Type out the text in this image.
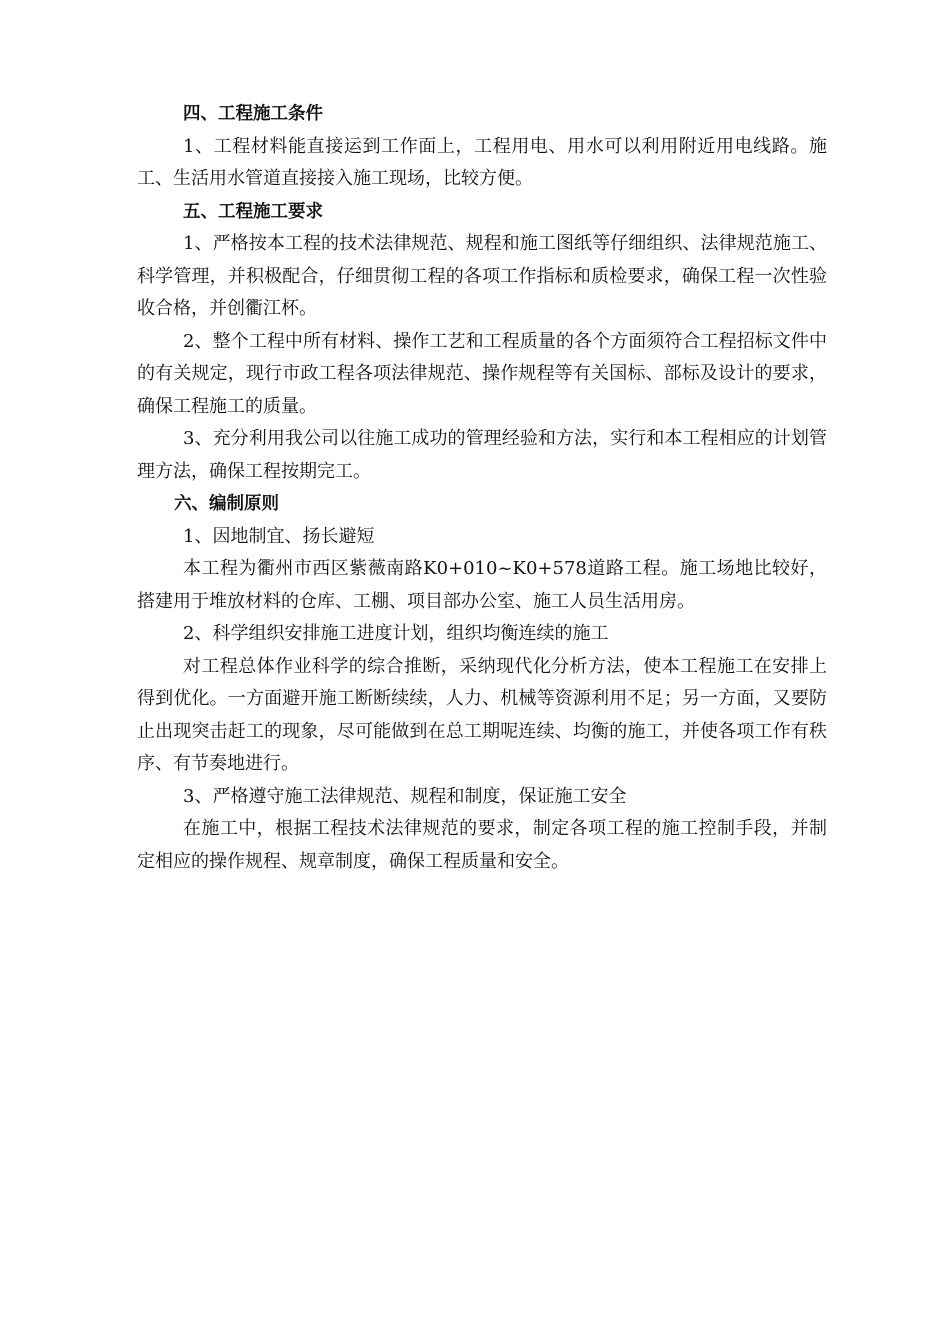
四、工程施工条件

1、工程材料能直接运到工作面上，工程用电、用水可以利用附近用电线路。施工、生活用水管道直接接入施工现场，比较方便。

五、工程施工要求

1、严格按本工程的技术法律规范、规程和施工图纸等仔细组织、法律规范施工、科学管理，并积极配合，仔细贯彻工程的各项工作指标和质检要求，确保工程一次性验收合格，并创衢江杯。

2、整个工程中所有材料、操作工艺和工程质量的各个方面须符合工程招标文件中的有关规定，现行市政工程各项法律规范、操作规程等有关国标、部标及设计的要求，确保工程施工的质量。

3、充分利用我公司以往施工成功的管理经验和方法，实行和本工程相应的计划管理方法，确保工程按期完工。

六、编制原则

1、因地制宜、扬长避短

本工程为衢州市西区紫薇南路K0+010~K0+578道路工程。施工场地比较好，搭建用于堆放材料的仓库、工棚、项目部办公室、施工人员生活用房。

2、科学组织安排施工进度计划，组织均衡连续的施工

对工程总体作业科学的综合推断，采纳现代化分析方法，使本工程施工在安排上得到优化。一方面避开施工断断续续，人力、机械等资源利用不足；另一方面，又要防止出现突击赶工的现象，尽可能做到在总工期呢连续、均衡的施工，并使各项工作有秩序、有节奏地进行。

3、严格遵守施工法律规范、规程和制度，保证施工安全

在施工中，根据工程技术法律规范的要求，制定各项工程的施工控制手段，并制定相应的操作规程、规章制度，确保工程质量和安全。
